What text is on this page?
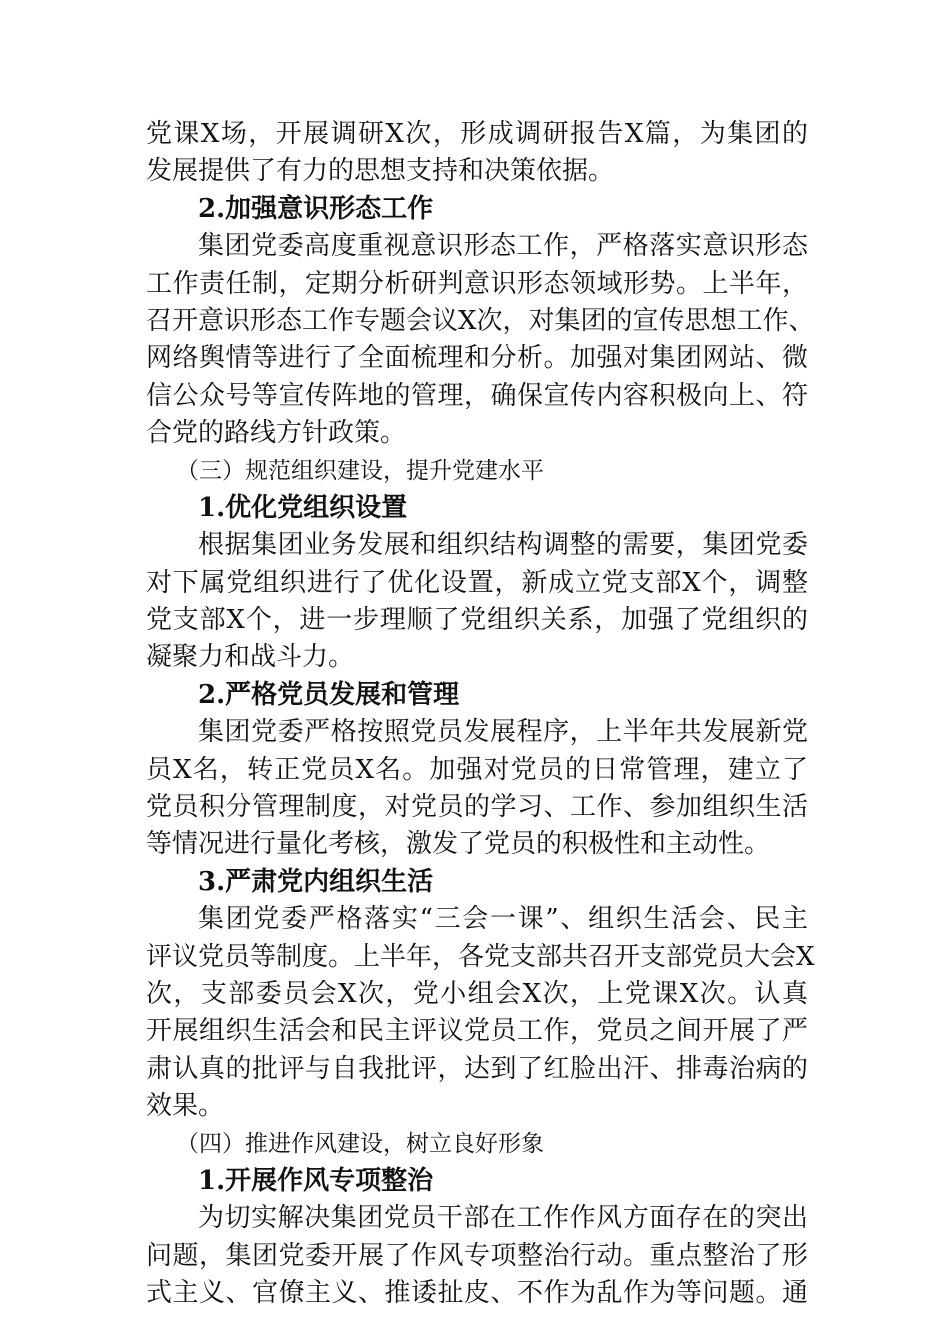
党课X场，开展调研X次，形成调研报告X篇，为集团的
发展提供了有力的思想支持和决策依据。
2.加强意识形态工作
集团党委高度重视意识形态工作，严格落实意识形态
工作责任制，定期分析研判意识形态领域形势。上半年，
召开意识形态工作专题会议X次，对集团的宣传思想工作、
网络舆情等进行了全面梳理和分析。加强对集团网站、微
信公众号等宣传阵地的管理，确保宣传内容积极向上、符
合党的路线方针政策。
（三）规范组织建设，提升党建水平
1.优化党组织设置
根据集团业务发展和组织结构调整的需要，集团党委
对下属党组织进行了优化设置，新成立党支部X个，调整
党支部X个，进一步理顺了党组织关系，加强了党组织的
凝聚力和战斗力。
2.严格党员发展和管理
集团党委严格按照党员发展程序，上半年共发展新党
员X名，转正党员X名。加强对党员的日常管理，建立了
党员积分管理制度，对党员的学习、工作、参加组织生活
等情况进行量化考核，激发了党员的积极性和主动性。
3.严肃党内组织生活
集团党委严格落实“三会一课”、组织生活会、民主
评议党员等制度。上半年，各党支部共召开支部党员大会X
次，支部委员会X次，党小组会X次，上党课X次。认真
开展组织生活会和民主评议党员工作，党员之间开展了严
肃认真的批评与自我批评，达到了红脸出汗、排毒治病的
效果。
（四）推进作风建设，树立良好形象
1.开展作风专项整治
为切实解决集团党员干部在工作作风方面存在的突出
问题，集团党委开展了作风专项整治行动。重点整治了形
式主义、官僚主义、推诿扯皮、不作为乱作为等问题。通
